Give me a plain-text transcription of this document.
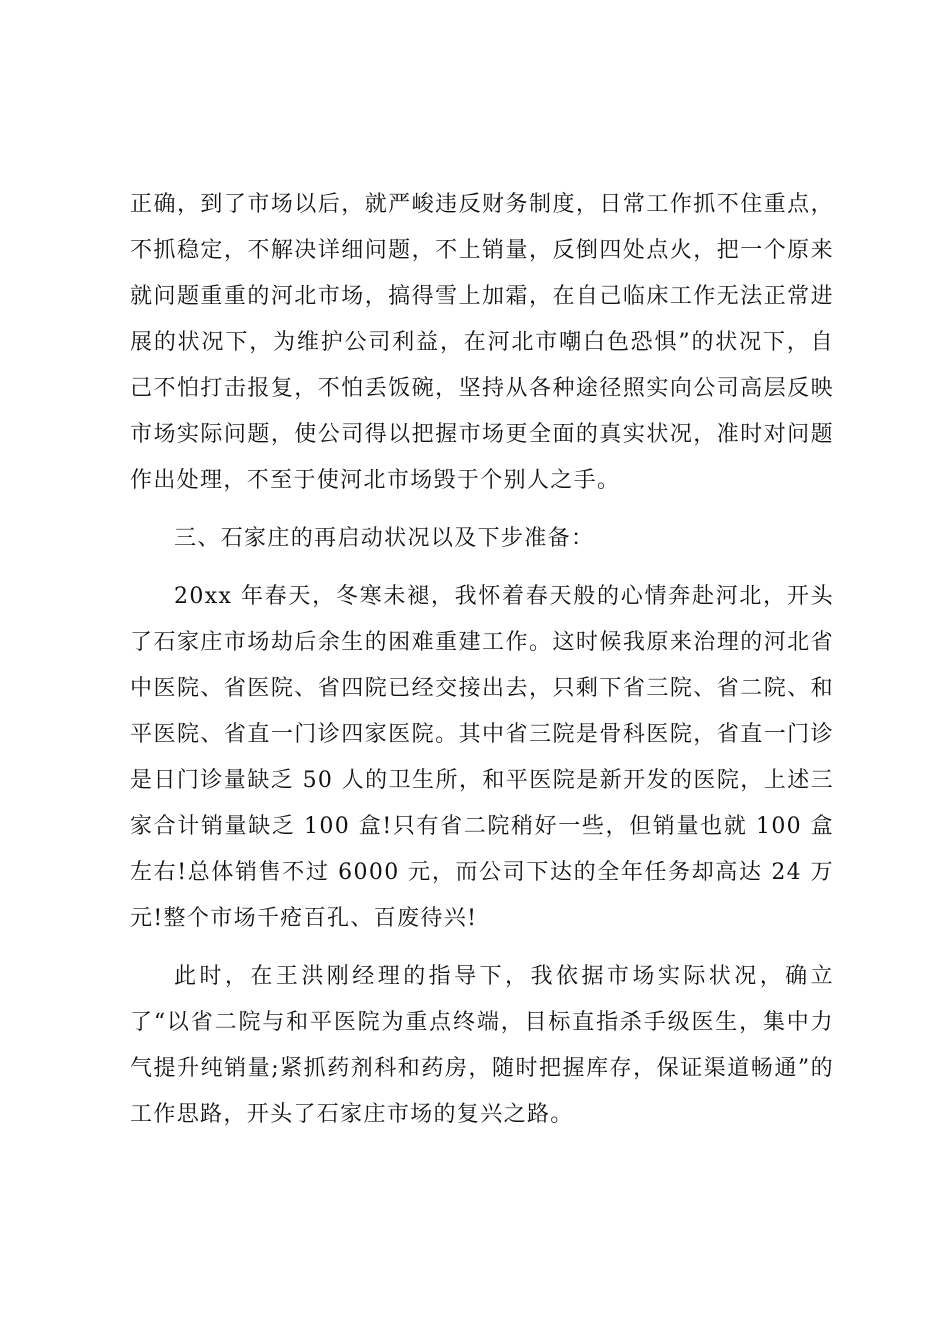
正确，到了市场以后，就严峻违反财务制度，日常工作抓不住重点，不抓稳定，不解决详细问题，不上销量，反倒四处点火，把一个原来就问题重重的河北市场，搞得雪上加霜，在自己临床工作无法正常进展的状况下，为维护公司利益，在河北市嘲白色恐惧”的状况下，自己不怕打击报复，不怕丢饭碗，坚持从各种途径照实向公司高层反映市场实际问题，使公司得以把握市场更全面的真实状况，准时对问题作出处理，不至于使河北市场毁于个别人之手。

三、石家庄的再启动状况以及下步准备：

20xx 年春天，冬寒未褪，我怀着春天般的心情奔赴河北，开头了石家庄市场劫后余生的困难重建工作。这时候我原来治理的河北省中医院、省医院、省四院已经交接出去，只剩下省三院、省二院、和平医院、省直一门诊四家医院。其中省三院是骨科医院，省直一门诊是日门诊量缺乏 50 人的卫生所，和平医院是新开发的医院，上述三家合计销量缺乏 100 盒!只有省二院稍好一些，但销量也就 100 盒左右!总体销售不过 6000 元，而公司下达的全年任务却高达 24 万元!整个市场千疮百孔、百废待兴!

此时，在王洪刚经理的指导下，我依据市场实际状况，确立了“以省二院与和平医院为重点终端，目标直指杀手级医生，集中力气提升纯销量;紧抓药剂科和药房，随时把握库存，保证渠道畅通”的工作思路，开头了石家庄市场的复兴之路。
